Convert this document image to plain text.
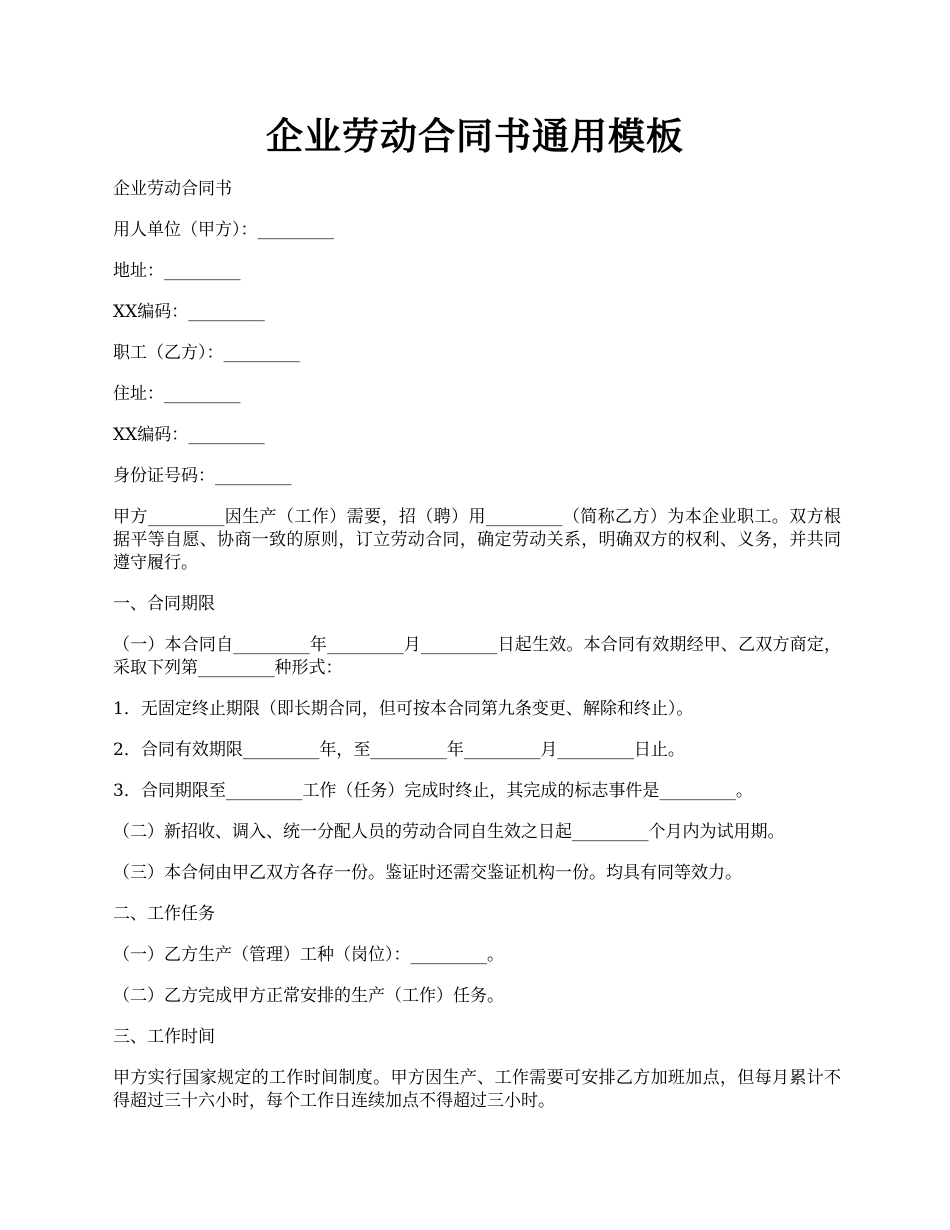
企业劳动合同书通用模板

企业劳动合同书

用人单位（甲方）：_________

地址：_________

XX编码：_________

职工（乙方）：_________

住址：_________

XX编码：_________

身份证号码：_________

甲方_________因生产（工作）需要，招（聘）用_________（简称乙方）为本企业职工。双方根据平等自愿、协商一致的原则，订立劳动合同，确定劳动关系，明确双方的权利、义务，并共同遵守履行。

一、合同期限

（一）本合同自_________年_________月_________日起生效。本合同有效期经甲、乙双方商定，采取下列第_________种形式：

1．无固定终止期限（即长期合同，但可按本合同第九条变更、解除和终止）。

2．合同有效期限_________年，至_________年_________月_________日止。

3．合同期限至_________工作（任务）完成时终止，其完成的标志事件是_________。

（二）新招收、调入、统一分配人员的劳动合同自生效之日起_________个月内为试用期。

（三）本合伺由甲乙双方各存一份。鉴证时还需交鉴证机构一份。均具有同等效力。

二、工作任务

（一）乙方生产（管理）工种（岗位）：_________。

（二）乙方完成甲方正常安排的生产（工作）任务。

三、工作时间

甲方实行国家规定的工作时间制度。甲方因生产、工作需要可安排乙方加班加点，但每月累计不得超过三十六小时，每个工作日连续加点不得超过三小时。
